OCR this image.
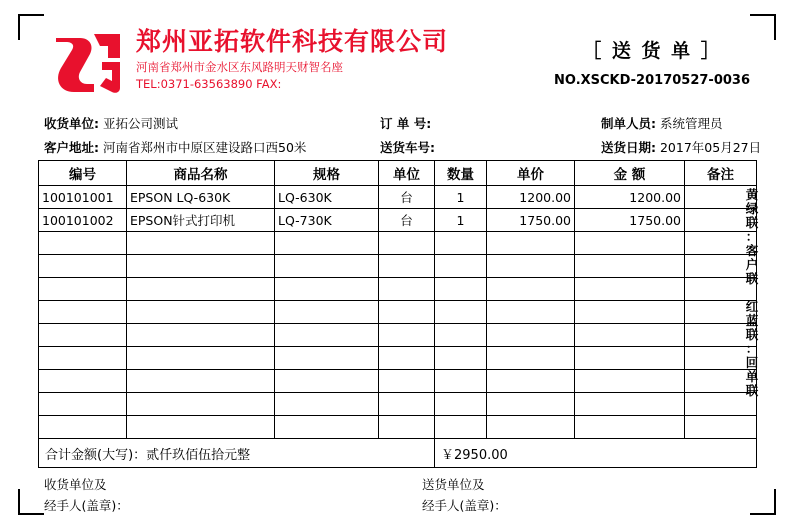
郑州亚拓软件科技有限公司
河南省郑州市金水区东风路明天财智名座
TEL:0371-63563890 FAX:
［ 送 货 单 ］
NO.XSCKD-20170527-0036
收货单位: 亚拓公司测试	订 单 号:	制单人员: 系统管理员
客户地址: 河南省郑州市中原区建设路口西50米	送货车号:	送货日期: 2017年05月27日
编号	商品名称	规格	单位	数量	单价	金 额	备注
100101001	EPSON LQ-630K	LQ-630K	台	1	1200.00	1200.00	
100101002	EPSON针式打印机	LQ-730K	台	1	1750.00	1750.00	

合计金额(大写)：贰仟玖佰伍拾元整	￥2950.00
收货单位及
经手人(盖章)：
送货单位及
经手人(盖章)：
黄
绿
联
：
客
户
联
红
蓝
联
：
回
单
联
